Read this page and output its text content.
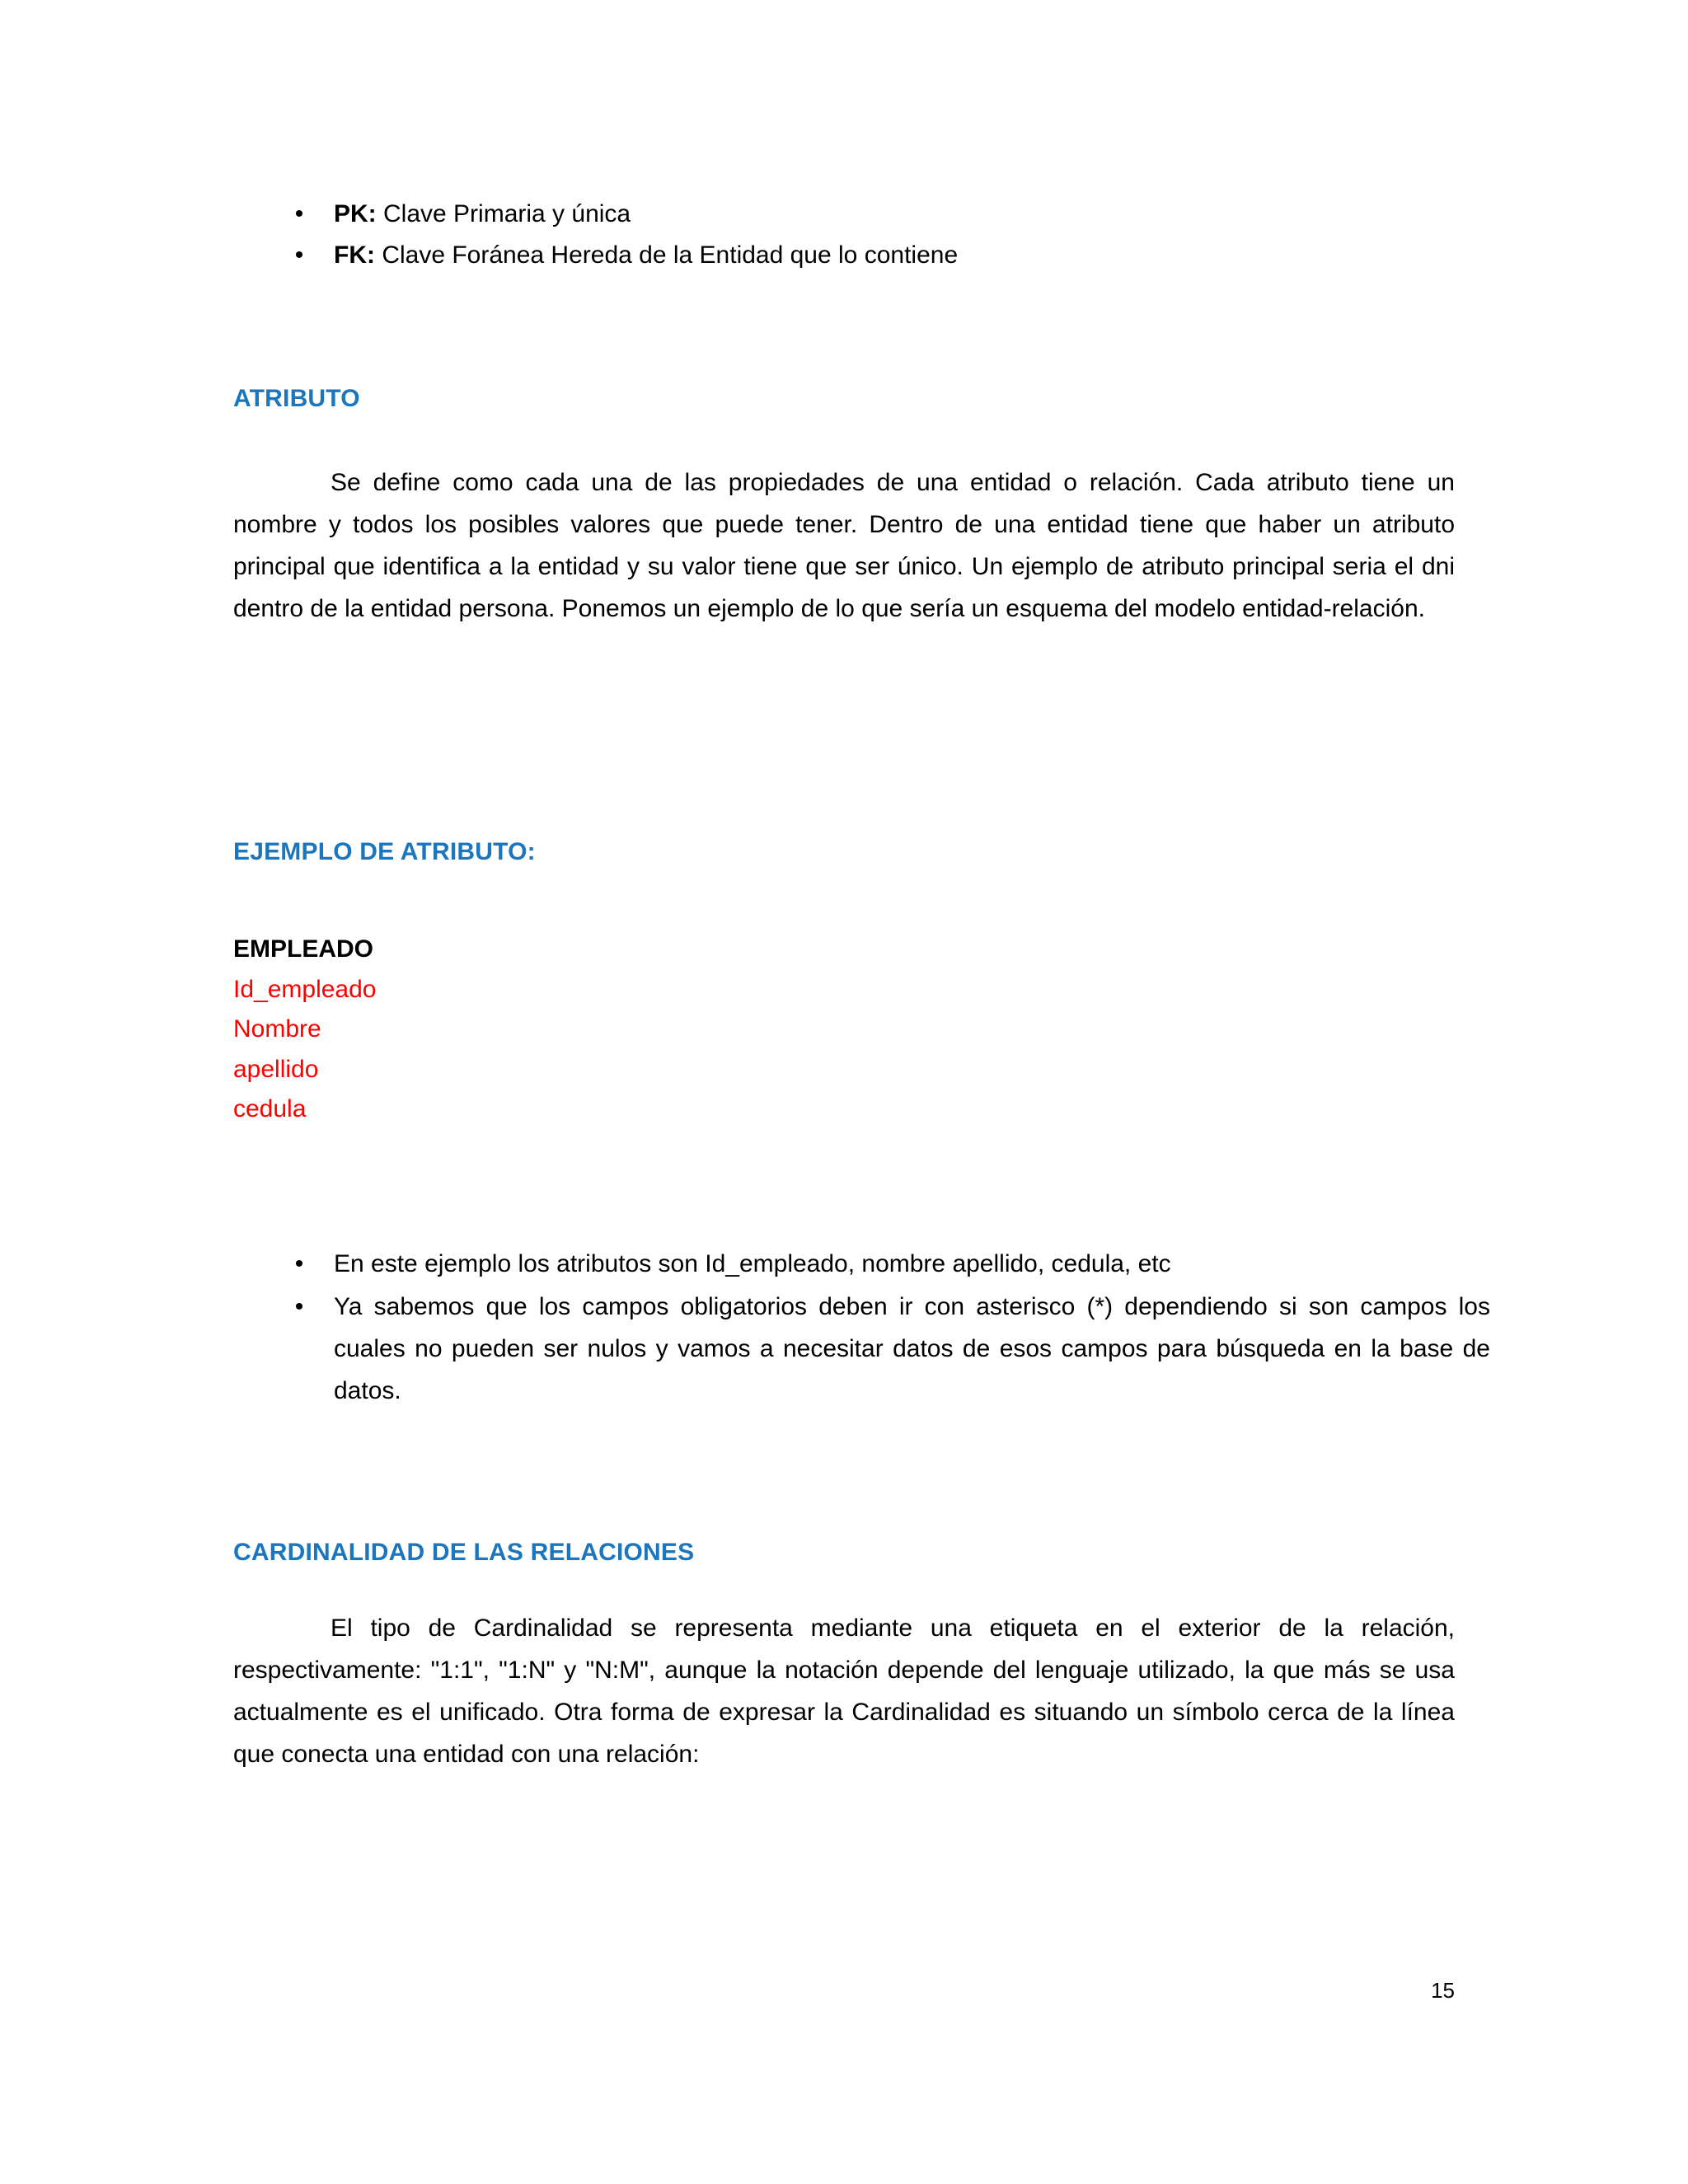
• PK: Clave Primaria y única
• FK: Clave Foránea Hereda de la Entidad que lo contiene
ATRIBUTO
Se define como cada una de las propiedades de una entidad o relación. Cada atributo tiene un nombre y todos los posibles valores que puede tener. Dentro de una entidad tiene que haber un atributo principal que identifica a la entidad y su valor tiene que ser único. Un ejemplo de atributo principal seria el dni dentro de la entidad persona. Ponemos un ejemplo de lo que sería un esquema del modelo entidad-relación.
EJEMPLO DE ATRIBUTO:
EMPLEADO
Id_empleado
Nombre
apellido
cedula
• En este ejemplo los atributos son Id_empleado, nombre apellido, cedula, etc
• Ya sabemos que los campos obligatorios deben ir con asterisco (*) dependiendo si son campos los cuales no pueden ser nulos y vamos a necesitar datos de esos campos para búsqueda en la base de datos.
CARDINALIDAD DE LAS RELACIONES
El tipo de Cardinalidad se representa mediante una etiqueta en el exterior de la relación, respectivamente: "1:1", "1:N" y "N:M", aunque la notación depende del lenguaje utilizado, la que más se usa actualmente es el unificado. Otra forma de expresar la Cardinalidad es situando un símbolo cerca de la línea que conecta una entidad con una relación:
15
